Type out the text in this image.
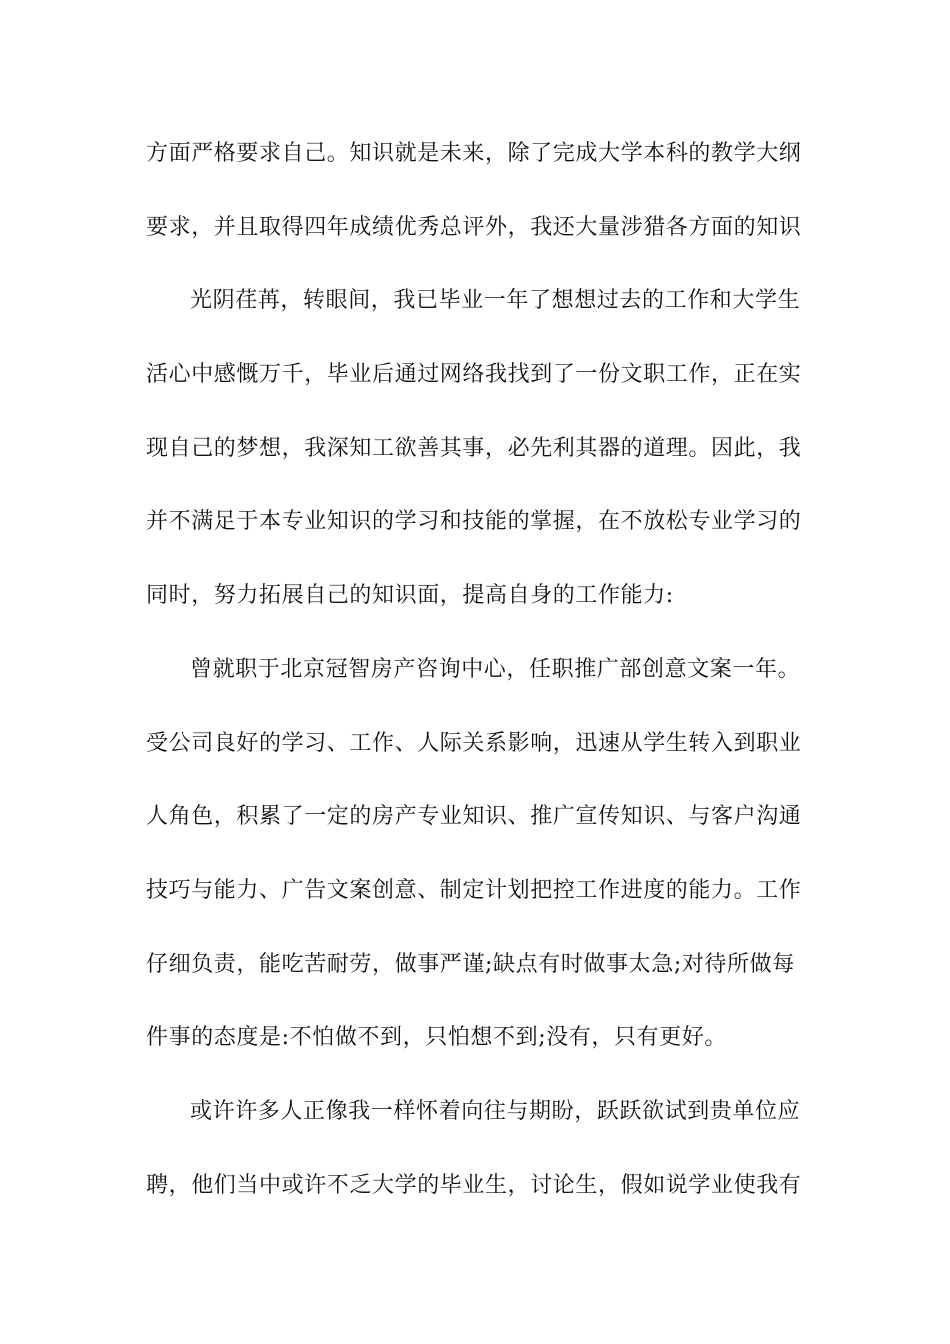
方面严格要求自己。知识就是未来，除了完成大学本科的教学大纲
要求，并且取得四年成绩优秀总评外，我还大量涉猎各方面的知识
光阴荏苒，转眼间，我已毕业一年了想想过去的工作和大学生
活心中感慨万千，毕业后通过网络我找到了一份文职工作，正在实
现自己的梦想，我深知工欲善其事，必先利其器的道理。因此，我
并不满足于本专业知识的学习和技能的掌握，在不放松专业学习的
同时，努力拓展自己的知识面，提高自身的工作能力:
曾就职于北京冠智房产咨询中心，任职推广部创意文案一年。
受公司良好的学习、工作、人际关系影响，迅速从学生转入到职业
人角色，积累了一定的房产专业知识、推广宣传知识、与客户沟通
技巧与能力、广告文案创意、制定计划把控工作进度的能力。工作
仔细负责，能吃苦耐劳，做事严谨;缺点有时做事太急;对待所做每
件事的态度是:不怕做不到，只怕想不到;没有，只有更好。
或许许多人正像我一样怀着向往与期盼，跃跃欲试到贵单位应
聘，他们当中或许不乏大学的毕业生，讨论生，假如说学业使我有
